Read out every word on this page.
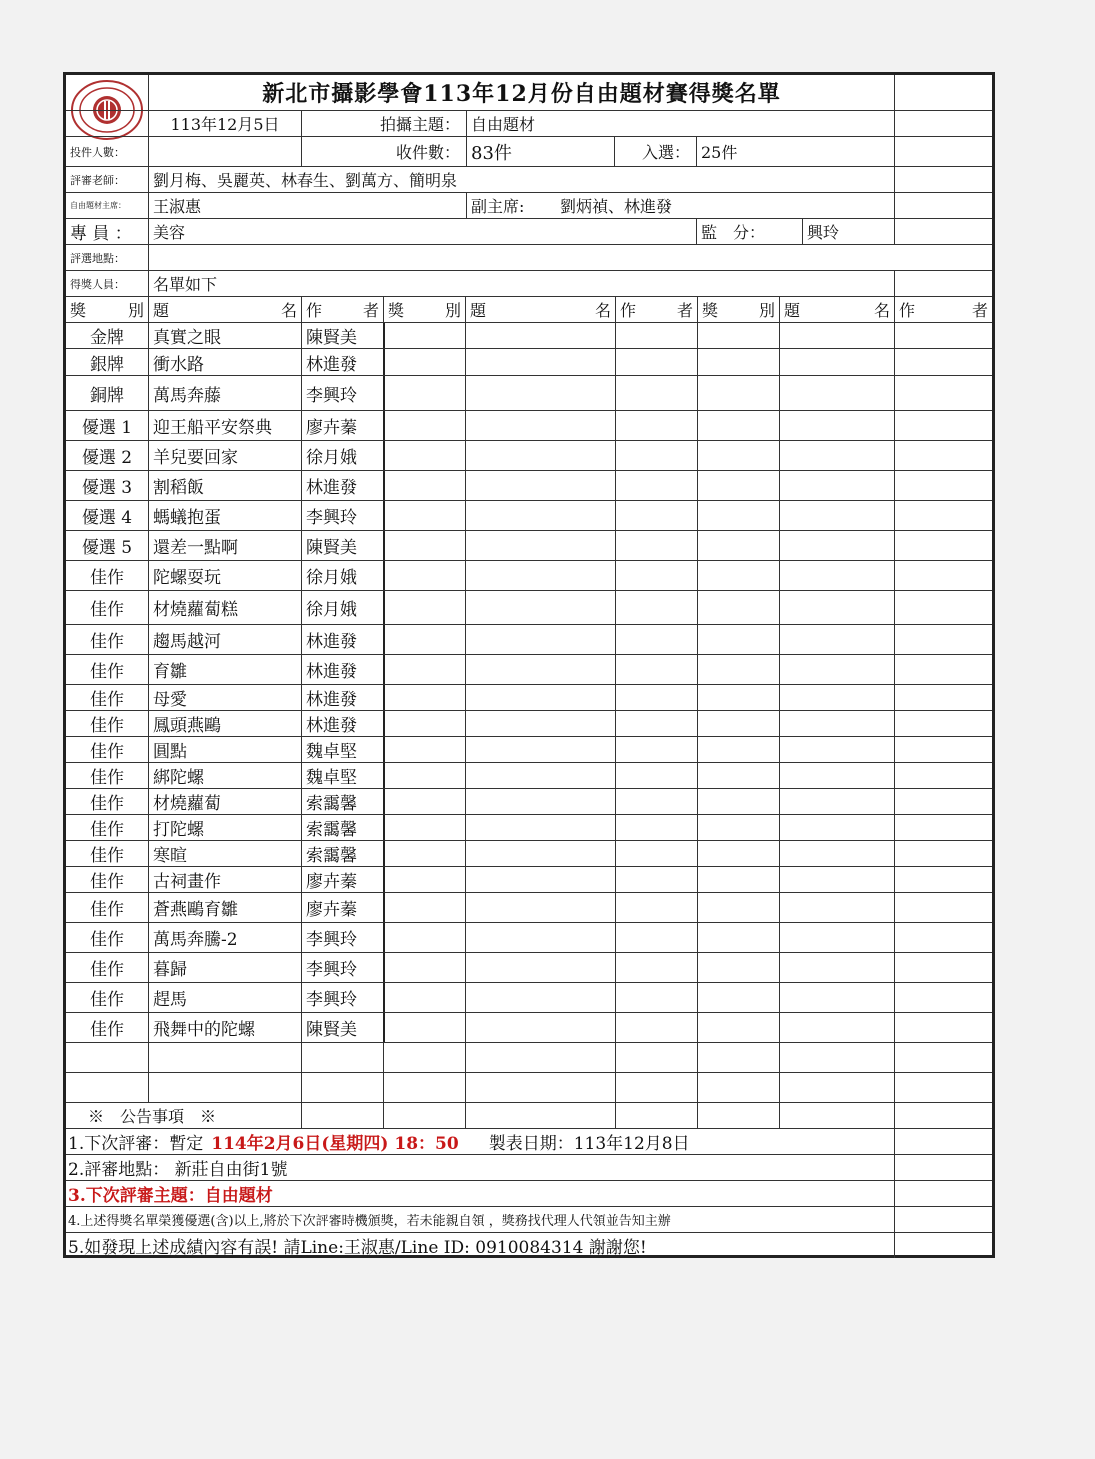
新北市攝影學會113年12月份自由題材賽得獎名單
113年12月5日	拍攝主題： 自由題材
投件人數：	收件數： 83件	入選： 25件
評審老師：	劉月梅、吳麗英、林春生、劉萬方、簡明泉
自由題材主席：	王淑惠	副主席:	劉炳禎、林進發
專 員 ：	美容	監　分：	興玲
評選地點：
得獎人員：	名單如下
獎	別 題	名 作	者 獎	別 題	名 作	者 獎	別 題	名 作	者
金牌	真實之眼	陳賢美
銀牌	衝水路	林進發
銅牌	萬馬奔藤	李興玲
優選 1	迎王船平安祭典	廖卉蓁
優選 2	羊兒要回家	徐月娥
優選 3	割稻飯	林進發
優選 4	螞蟻抱蛋	李興玲
優選 5	還差一點啊	陳賢美
佳作	陀螺耍玩	徐月娥
佳作	材燒蘿蔔糕	徐月娥
佳作	趨馬越河	林進發
佳作	育雛	林進發
佳作	母愛	林進發
佳作	鳳頭燕鷗	林進發
佳作	圓點	魏卓堅
佳作	綁陀螺	魏卓堅
佳作	材燒蘿蔔	索靄馨
佳作	打陀螺	索靄馨
佳作	寒暄	索靄馨
佳作	古祠畫作	廖卉蓁
佳作	蒼燕鷗育雛	廖卉蓁
佳作	萬馬奔騰-2	李興玲
佳作	暮歸	李興玲
佳作	趕馬	李興玲
佳作	飛舞中的陀螺	陳賢美
※　公告事項　※
1.下次評審：暫定 114年2月6日(星期四) 18：50 製表日期：113年12月8日
2.評審地點： 新莊自由街1號
3.下次評審主題：自由題材
4.上述得獎名單榮獲優選(含)以上,將於下次評審時機頒獎，若未能親自領 ，獎務找代理人代領並告知主辦
5.如發現上述成績內容有誤! 請Line:王淑惠/Line ID: 0910084314 謝謝您!
